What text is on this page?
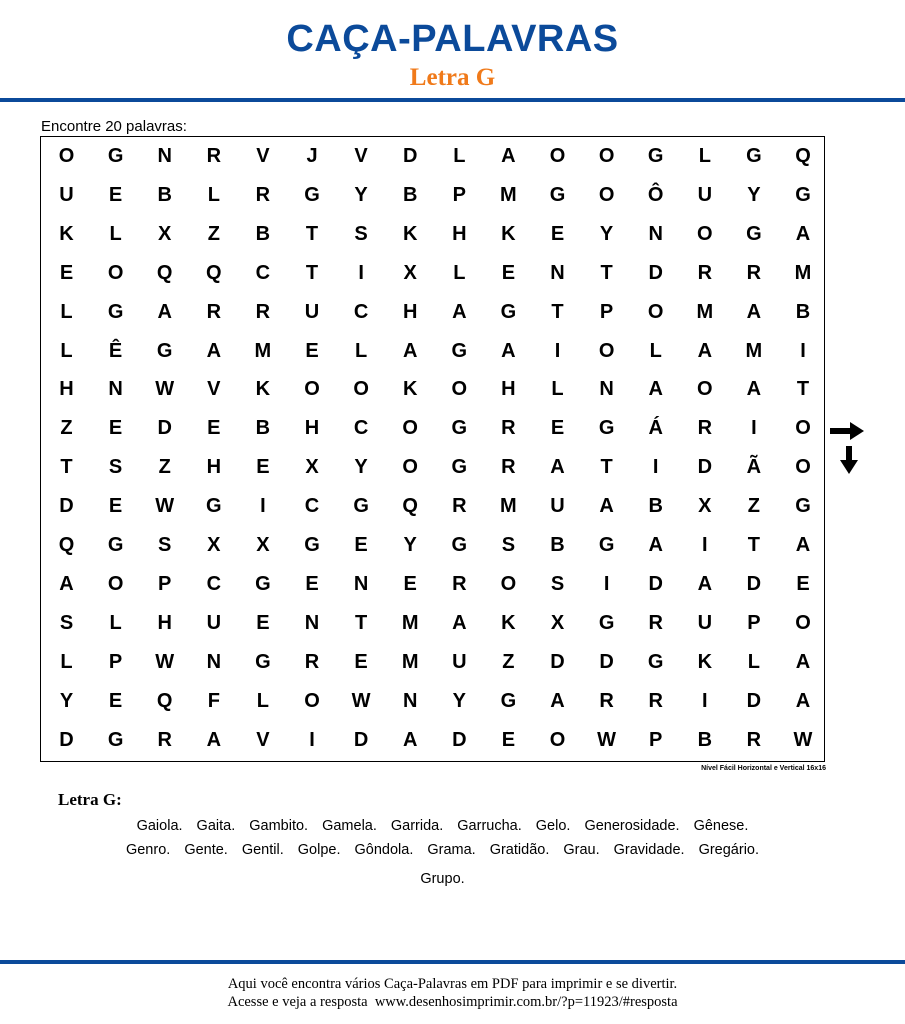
CAÇA-PALAVRAS
Letra G
Encontre 20 palavras:
O	G	N	R	V	J	V	D	L	A	O	O	G	L	G	Q
U	E	B	L	R	G	Y	B	P	M	G	O	Ô	U	Y	G
K	L	X	Z	B	T	S	K	H	K	E	Y	N	O	G	A
E	O	Q	Q	C	T	I	X	L	E	N	T	D	R	R	M
L	G	A	R	R	U	C	H	A	G	T	P	O	M	A	B
L	Ê	G	A	M	E	L	A	G	A	I	O	L	A	M	I
H	N	W	V	K	O	O	K	O	H	L	N	A	O	A	T
Z	E	D	E	B	H	C	O	G	R	E	G	Á	R	I	O
T	S	Z	H	E	X	Y	O	G	R	A	T	I	D	Ã	O
D	E	W	G	I	C	G	Q	R	M	U	A	B	X	Z	G
Q	G	S	X	X	G	E	Y	G	S	B	G	A	I	T	A
A	O	P	C	G	E	N	E	R	O	S	I	D	A	D	E
S	L	H	U	E	N	T	M	A	K	X	G	R	U	P	O
L	P	W	N	G	R	E	M	U	Z	D	D	G	K	L	A
Y	E	Q	F	L	O	W	N	Y	G	A	R	R	I	D	A
D	G	R	A	V	I	D	A	D	E	O	W	P	B	R	W
Nível Fácil Horizontal e Vertical 16x16
Letra G:
Gaiola. Gaita. Gambito. Gamela. Garrida. Garrucha. Gelo. Generosidade. Gênese.
Genro. Gente. Gentil. Golpe. Gôndola. Grama. Gratidão. Grau. Gravidade. Gregário.
Grupo.
Aqui você encontra vários Caça-Palavras em PDF para imprimir e se divertir.
Acesse e veja a resposta  www.desenhosimprimir.com.br/?p=11923/#resposta
